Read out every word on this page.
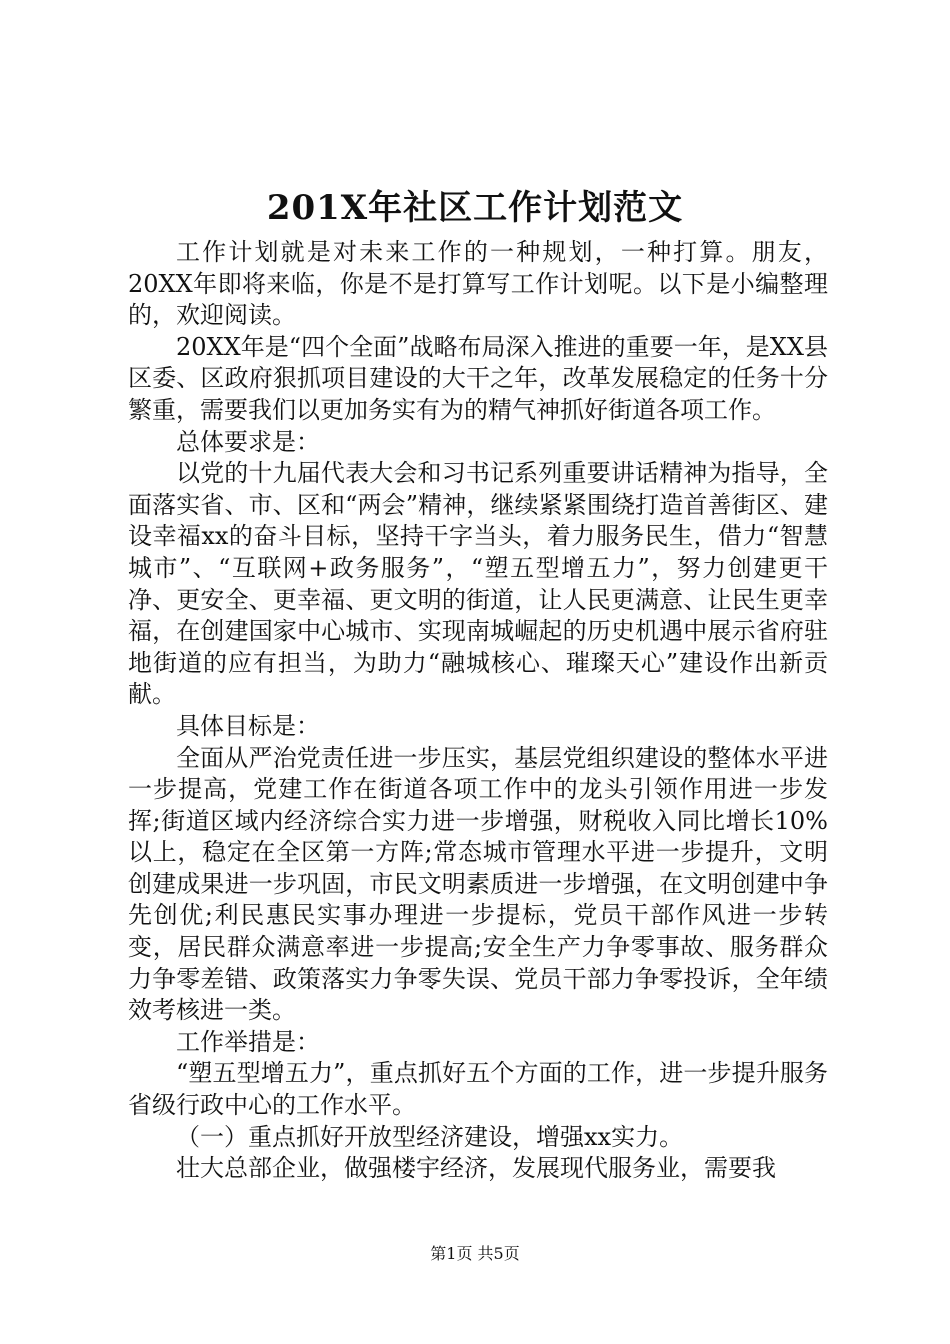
201X年社区工作计划范文

工作计划就是对未来工作的一种规划，一种打算。朋友，20XX年即将来临，你是不是打算写工作计划呢。以下是小编整理的，欢迎阅读。

20XX年是“四个全面”战略布局深入推进的重要一年，是XX县区委、区政府狠抓项目建设的大干之年，改革发展稳定的任务十分繁重，需要我们以更加务实有为的精气神抓好街道各项工作。

总体要求是：

以党的十九届代表大会和习书记系列重要讲话精神为指导，全面落实省、市、区和“两会”精神，继续紧紧围绕打造首善街区、建设幸福xx的奋斗目标，坚持干字当头，着力服务民生，借力“智慧城市”、“互联网+政务服务”，“塑五型增五力”，努力创建更干净、更安全、更幸福、更文明的街道，让人民更满意、让民生更幸福，在创建国家中心城市、实现南城崛起的历史机遇中展示省府驻地街道的应有担当，为助力“融城核心、璀璨天心”建设作出新贡献。

具体目标是：

全面从严治党责任进一步压实，基层党组织建设的整体水平进一步提高，党建工作在街道各项工作中的龙头引领作用进一步发挥;街道区域内经济综合实力进一步增强，财税收入同比增长10%以上，稳定在全区第一方阵;常态城市管理水平进一步提升，文明创建成果进一步巩固，市民文明素质进一步增强，在文明创建中争先创优;利民惠民实事办理进一步提标，党员干部作风进一步转变，居民群众满意率进一步提高;安全生产力争零事故、服务群众力争零差错、政策落实力争零失误、党员干部力争零投诉，全年绩效考核进一类。

工作举措是：

“塑五型增五力”，重点抓好五个方面的工作，进一步提升服务省级行政中心的工作水平。

（一）重点抓好开放型经济建设，增强xx实力。

壮大总部企业，做强楼宇经济，发展现代服务业，需要我

第1页 共5页
